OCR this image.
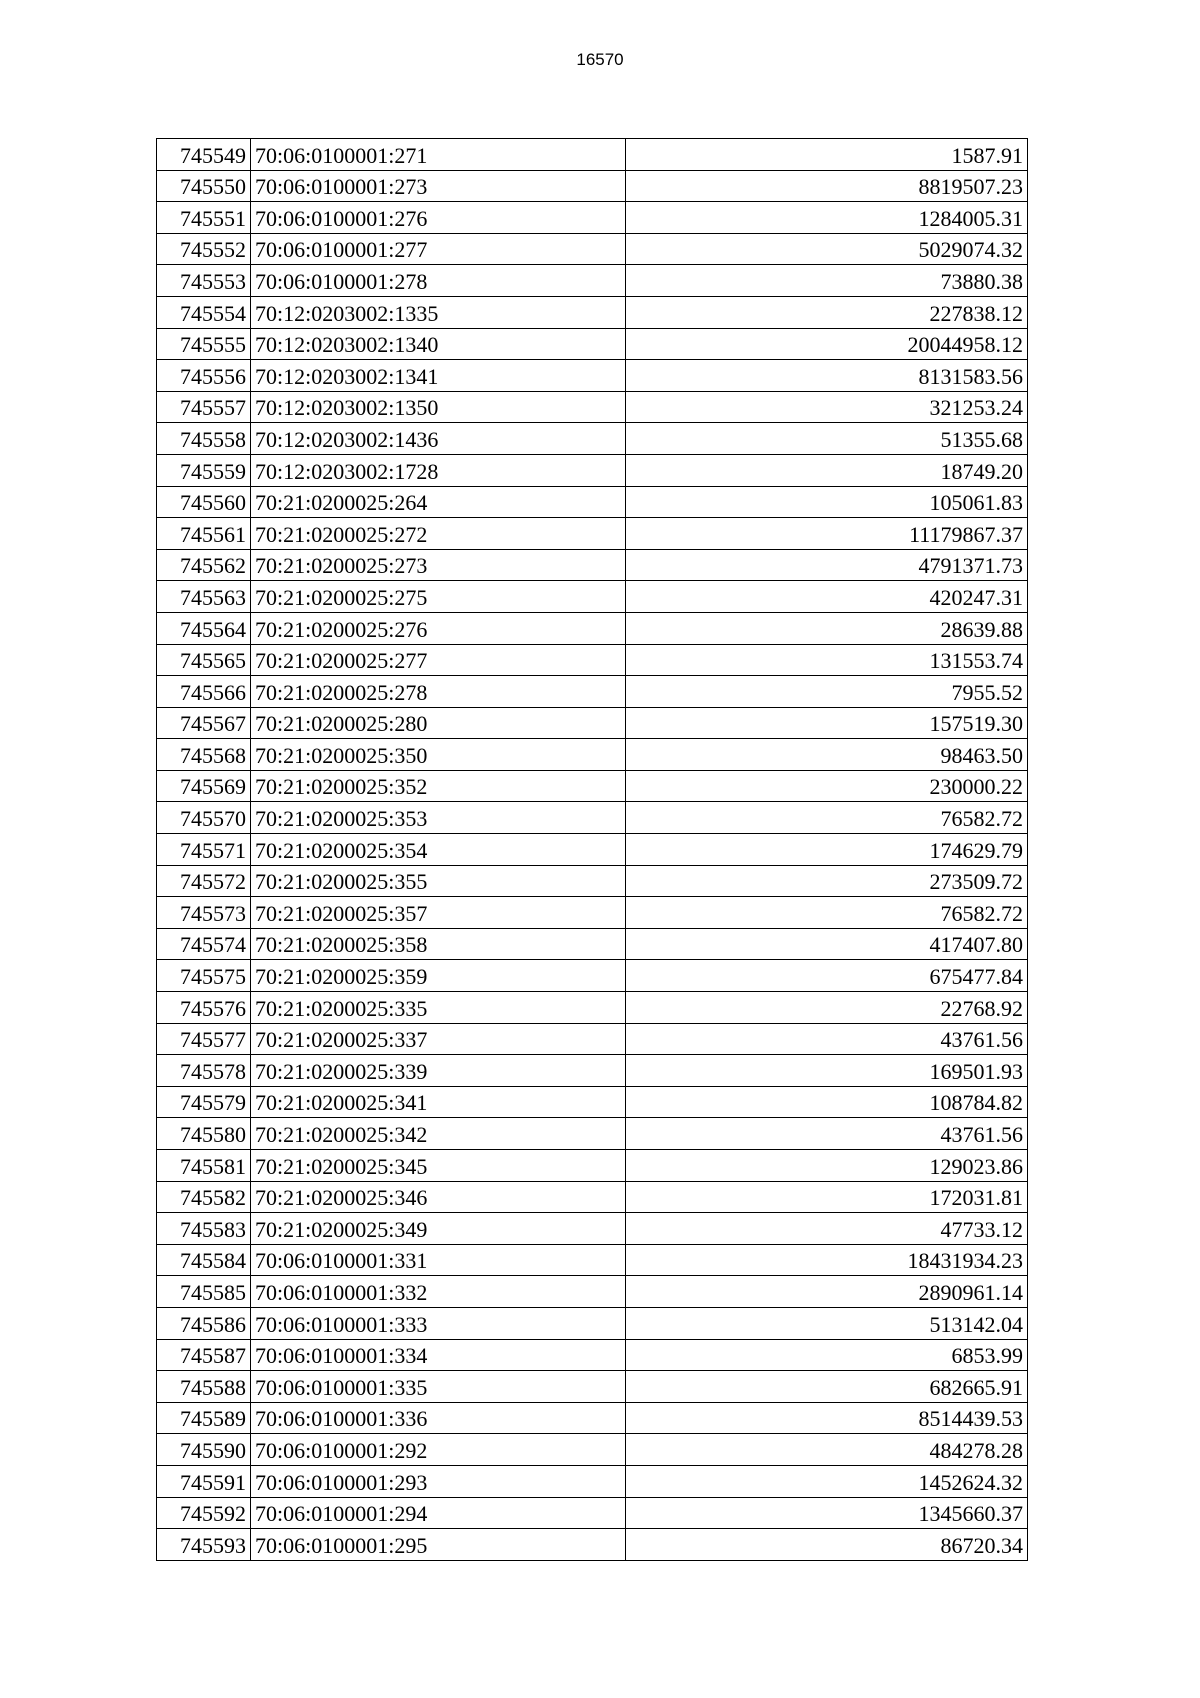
16570
745549	70:06:0100001:271	1587.91
745550	70:06:0100001:273	8819507.23
745551	70:06:0100001:276	1284005.31
745552	70:06:0100001:277	5029074.32
745553	70:06:0100001:278	73880.38
745554	70:12:0203002:1335	227838.12
745555	70:12:0203002:1340	20044958.12
745556	70:12:0203002:1341	8131583.56
745557	70:12:0203002:1350	321253.24
745558	70:12:0203002:1436	51355.68
745559	70:12:0203002:1728	18749.20
745560	70:21:0200025:264	105061.83
745561	70:21:0200025:272	11179867.37
745562	70:21:0200025:273	4791371.73
745563	70:21:0200025:275	420247.31
745564	70:21:0200025:276	28639.88
745565	70:21:0200025:277	131553.74
745566	70:21:0200025:278	7955.52
745567	70:21:0200025:280	157519.30
745568	70:21:0200025:350	98463.50
745569	70:21:0200025:352	230000.22
745570	70:21:0200025:353	76582.72
745571	70:21:0200025:354	174629.79
745572	70:21:0200025:355	273509.72
745573	70:21:0200025:357	76582.72
745574	70:21:0200025:358	417407.80
745575	70:21:0200025:359	675477.84
745576	70:21:0200025:335	22768.92
745577	70:21:0200025:337	43761.56
745578	70:21:0200025:339	169501.93
745579	70:21:0200025:341	108784.82
745580	70:21:0200025:342	43761.56
745581	70:21:0200025:345	129023.86
745582	70:21:0200025:346	172031.81
745583	70:21:0200025:349	47733.12
745584	70:06:0100001:331	18431934.23
745585	70:06:0100001:332	2890961.14
745586	70:06:0100001:333	513142.04
745587	70:06:0100001:334	6853.99
745588	70:06:0100001:335	682665.91
745589	70:06:0100001:336	8514439.53
745590	70:06:0100001:292	484278.28
745591	70:06:0100001:293	1452624.32
745592	70:06:0100001:294	1345660.37
745593	70:06:0100001:295	86720.34
